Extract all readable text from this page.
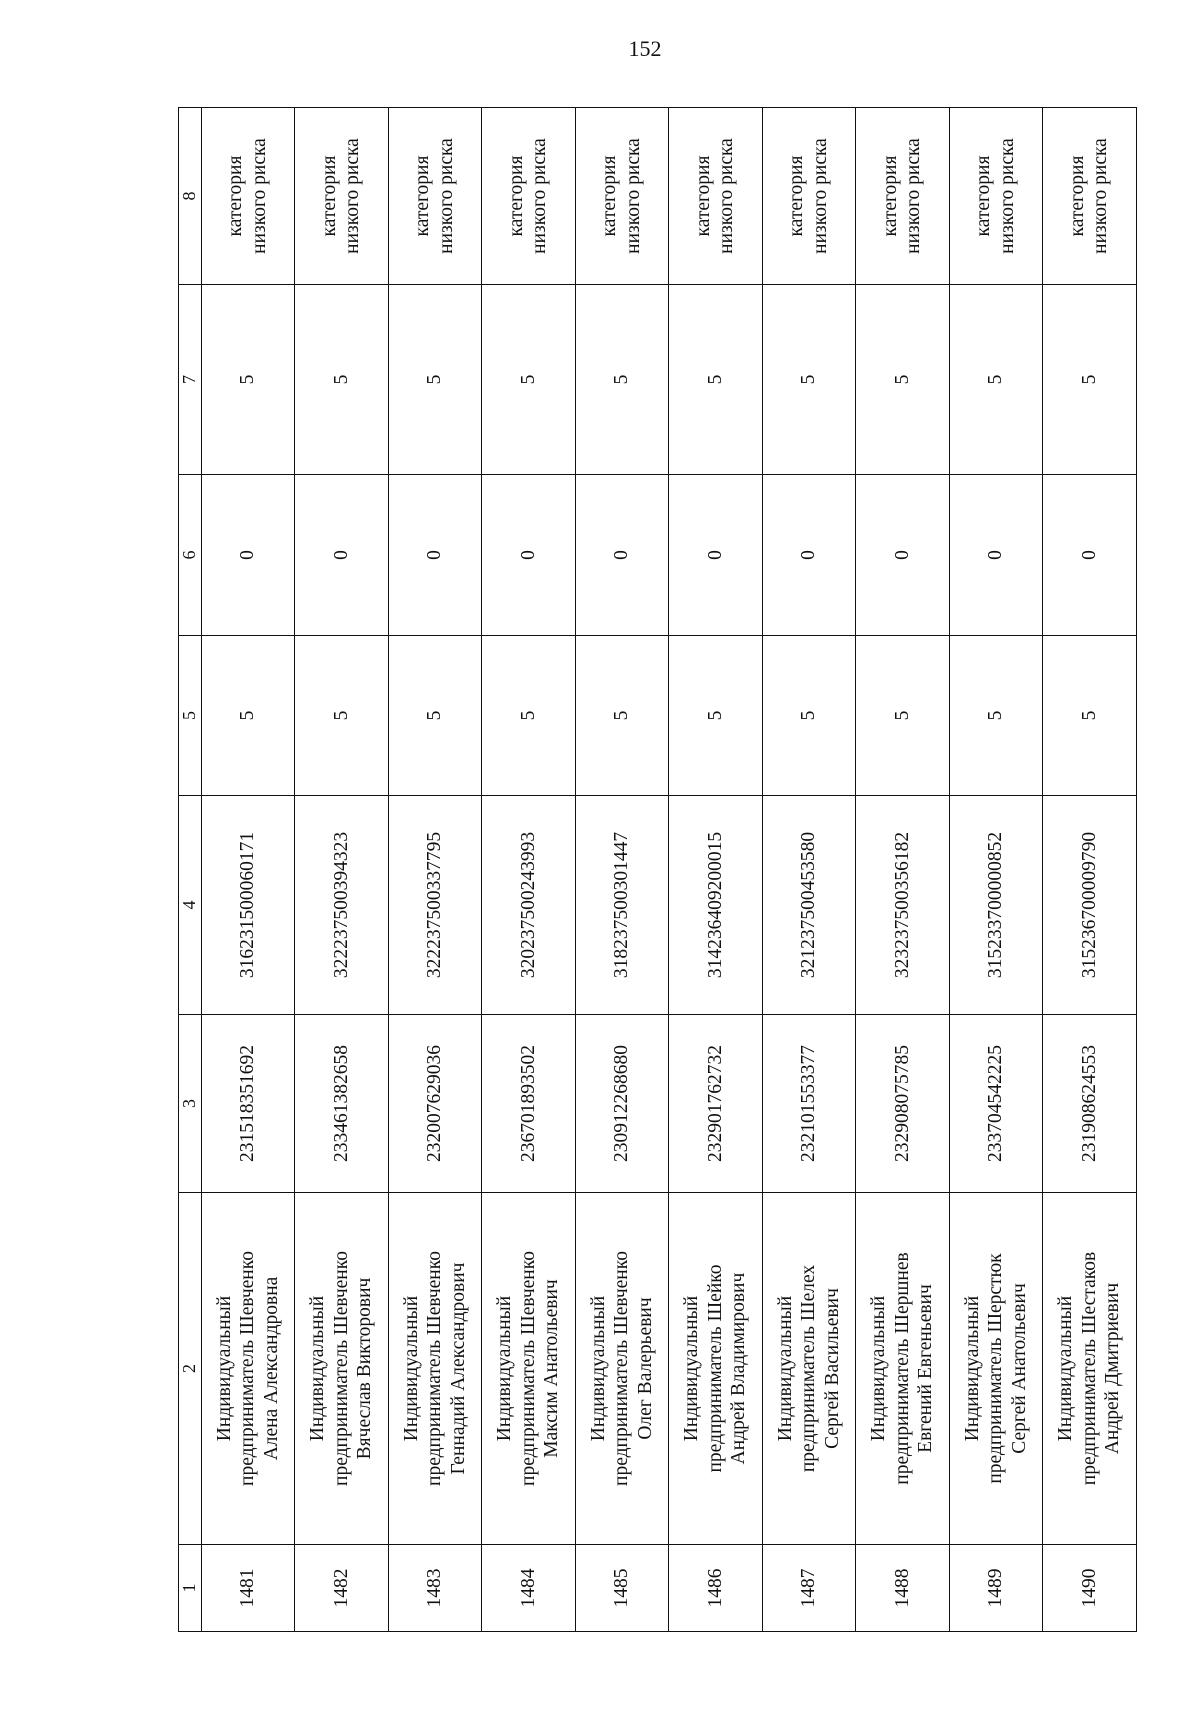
152
1	2	3	4	5	6	7	8
1481	Индивидуальный предприниматель Шевченко Алена Александровна	231518351692	316231500060171	5	0	5	категория низкого риска

1482	Индивидуальный предприниматель Шевченко Вячеслав Викторович	233461382658	322237500394323	5	0	5	категория низкого риска

1483	Индивидуальный предприниматель Шевченко Геннадий Александрович	232007629036	322237500337795	5	0	5	категория низкого риска

1484	Индивидуальный предприниматель Шевченко Максим Анатольевич	236701893502	320237500243993	5	0	5	категория низкого риска

1485	Индивидуальный предприниматель Шевченко Олег Валерьевич	230912268680	318237500301447	5	0	5	категория низкого риска

1486	Индивидуальный предприниматель Шейко Андрей Владимирович	232901762732	314236409200015	5	0	5	категория низкого риска

1487	Индивидуальный предприниматель Шелех Сергей Васильевич	232101553377	321237500453580	5	0	5	категория низкого риска

1488	Индивидуальный предприниматель Шершнев Евгений Евгеньевич	232908075785	323237500356182	5	0	5	категория низкого риска

1489	Индивидуальный предприниматель Шерстюк Сергей Анатольевич	233704542225	315233700000852	5	0	5	категория низкого риска

1490	Индивидуальный предприниматель Шестаков Андрей Дмитриевич	231908624553	315236700009790	5	0	5	категория низкого риска
